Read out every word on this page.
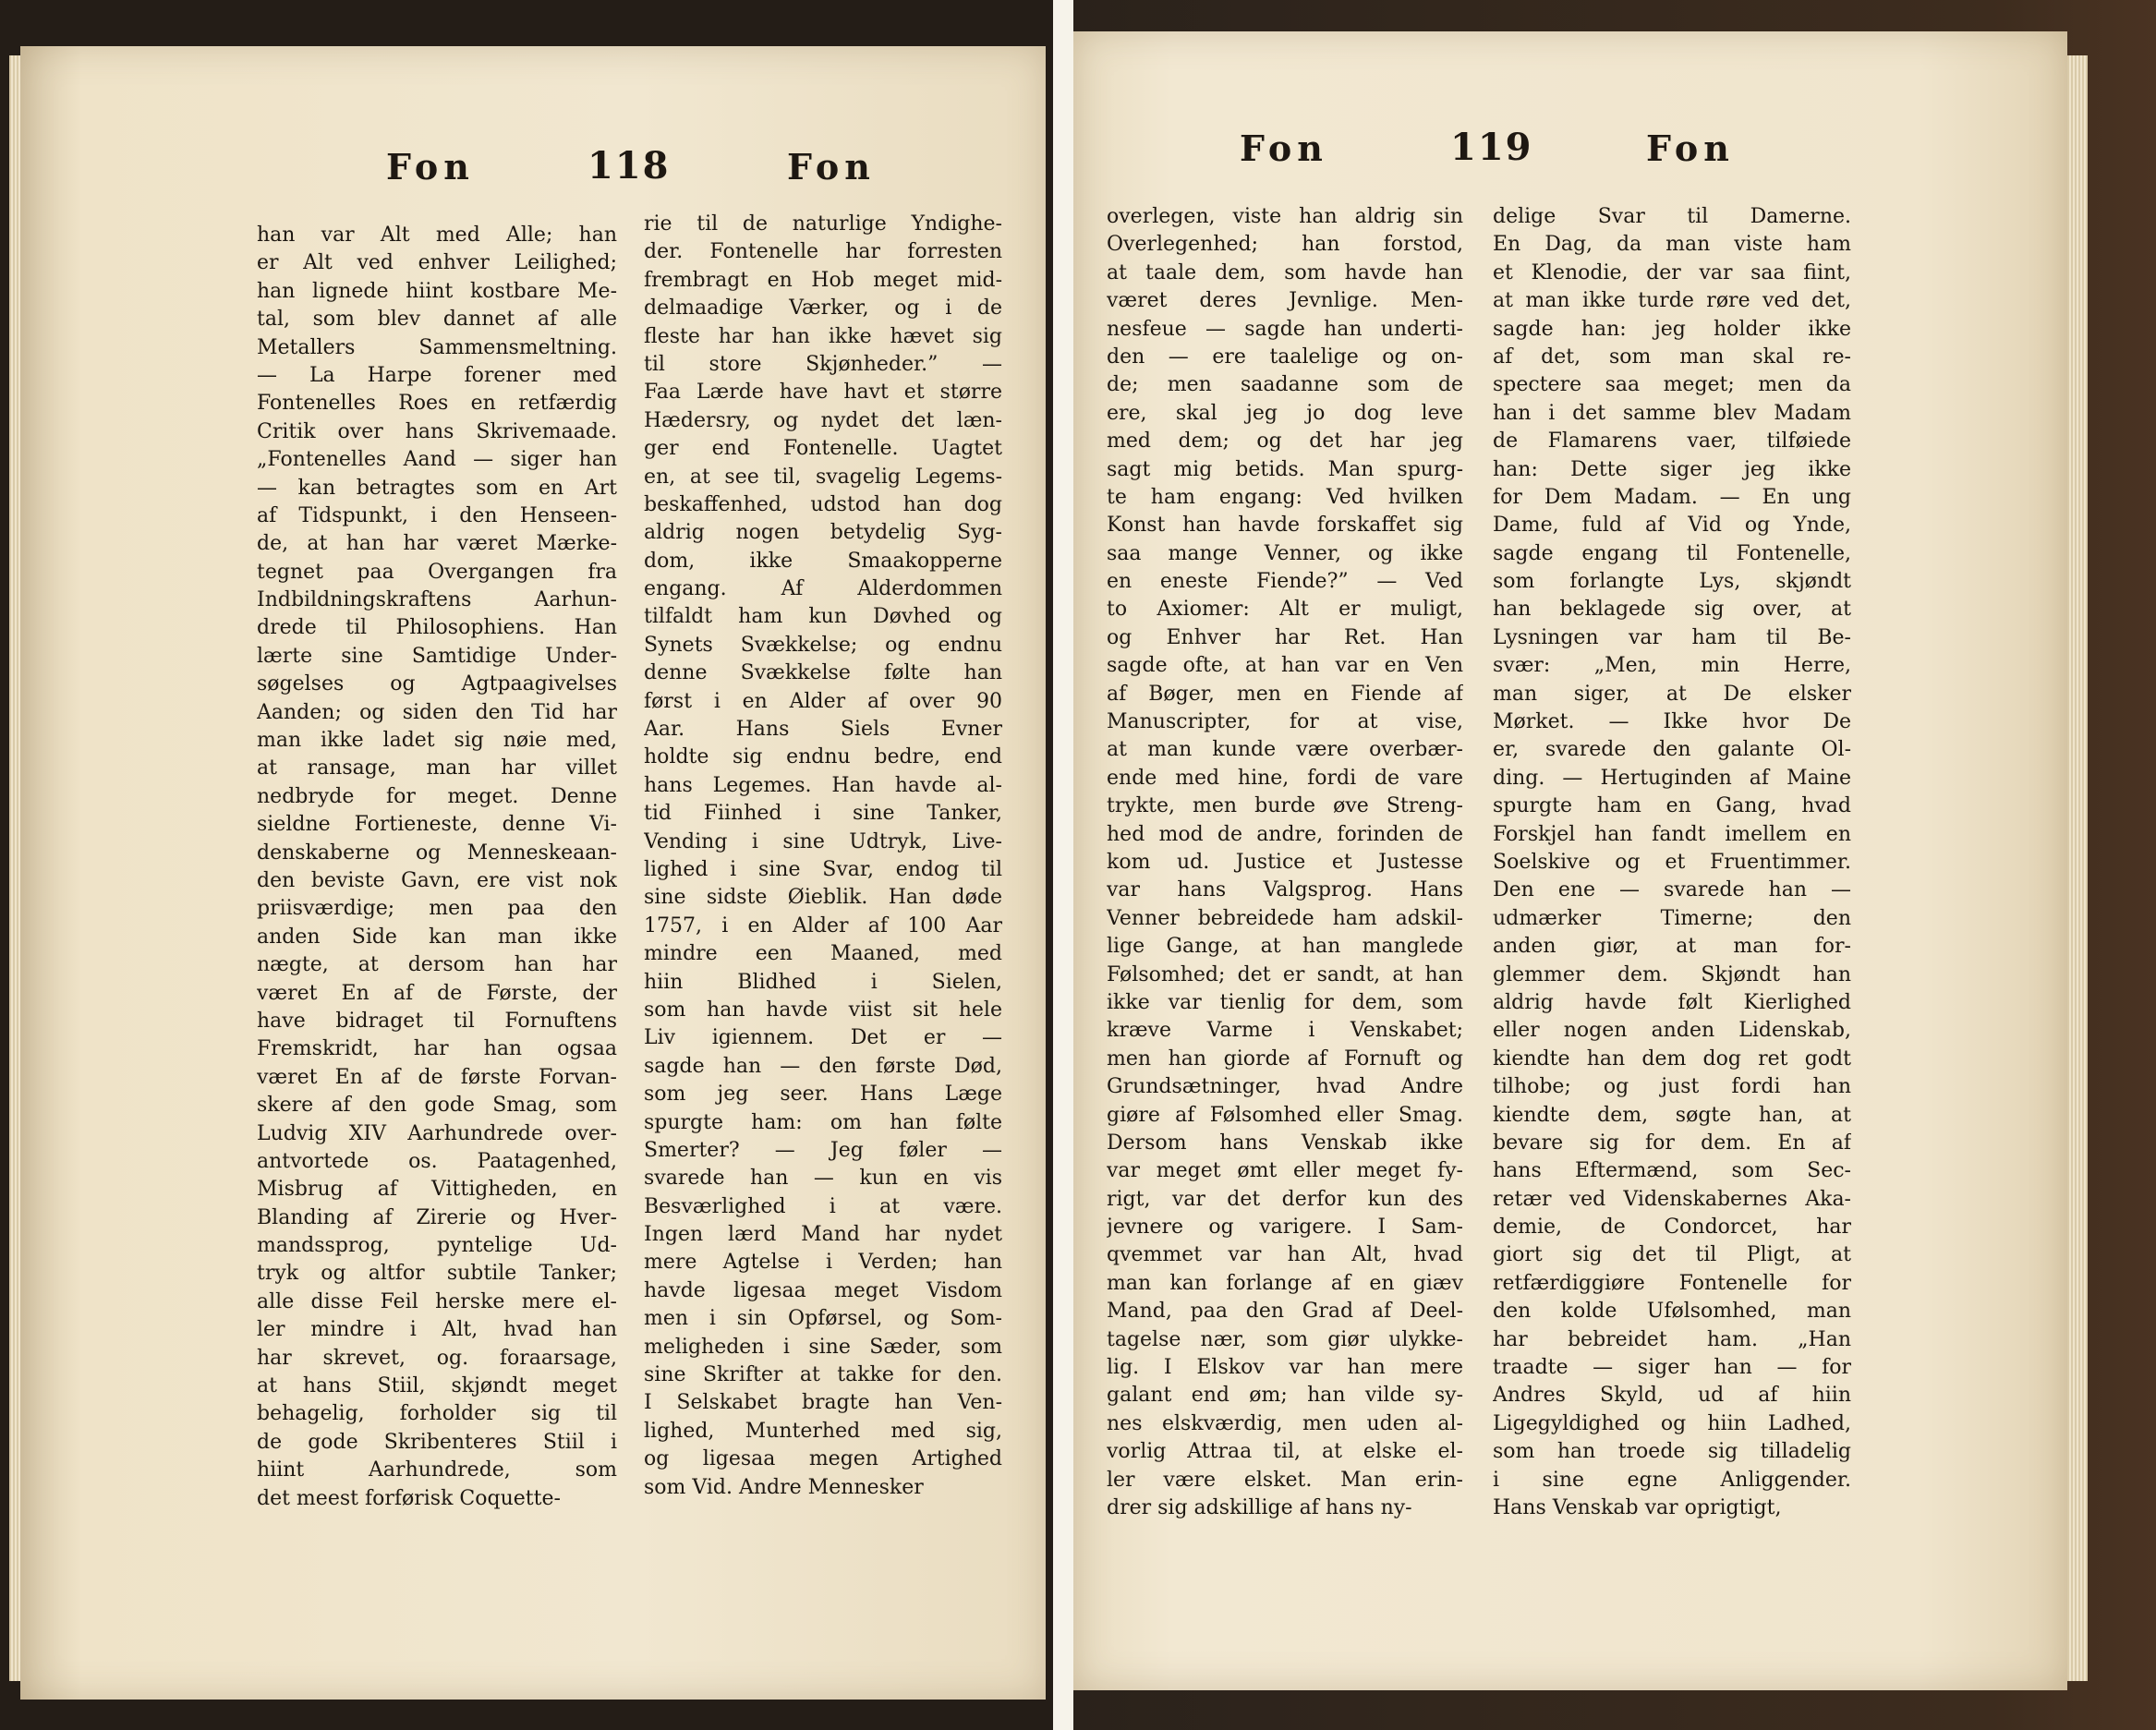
Fon	118	Fon	Fon	119	Fon
han var Alt med Alle; han
er Alt ved enhver Leilighed;
han lignede hiint kostbare Me-
tal, som blev dannet af alle
Metallers Sammensmeltning.
— La Harpe forener med
Fontenelles Roes en retfærdig
Critik over hans Skrivemaade.
„Fontenelles Aand — siger han
— kan betragtes som en Art
af Tidspunkt, i den Henseen-
de, at han har været Mærke-
tegnet paa Overgangen fra
Indbildningskraftens Aarhun-
drede til Philosophiens. Han
lærte sine Samtidige Under-
søgelses og Agtpaagivelses
Aanden; og siden den Tid har
man ikke ladet sig nøie med,
at ransage, man har villet
nedbryde for meget. Denne
sieldne Fortieneste, denne Vi-
denskaberne og Menneskeaan-
den beviste Gavn, ere vist nok
priisværdige; men paa den
anden Side kan man ikke
nægte, at dersom han har
været En af de Første, der
have bidraget til Fornuftens
Fremskridt, har han ogsaa
været En af de første Forvan-
skere af den gode Smag, som
Ludvig XIV Aarhundrede over-
antvortede os. Paatagenhed,
Misbrug af Vittigheden, en
Blanding af Zirerie og Hver-
mandssprog, pyntelige Ud-
tryk og altfor subtile Tanker;
alle disse Feil herske mere el-
ler mindre i Alt, hvad han
har skrevet, og. foraarsage,
at hans Stiil, skjøndt meget
behagelig, forholder sig til
de gode Skribenteres Stiil i
hiint Aarhundrede, som
det meest forførisk Coquette-
rie til de naturlige Yndighe-
der. Fontenelle har forresten
frembragt en Hob meget mid-
delmaadige Værker, og i de
fleste har han ikke hævet sig
til store Skjønheder.” —
Faa Lærde have havt et større
Hædersry, og nydet det læn-
ger end Fontenelle. Uagtet
en, at see til, svagelig Legems-
beskaffenhed, udstod han dog
aldrig nogen betydelig Syg-
dom, ikke Smaakopperne
engang. Af Alderdommen
tilfaldt ham kun Døvhed og
Synets Svækkelse; og endnu
denne Svækkelse følte han
først i en Alder af over 90
Aar. Hans Siels Evner
holdte sig endnu bedre, end
hans Legemes. Han havde al-
tid Fiinhed i sine Tanker,
Vending i sine Udtryk, Live-
lighed i sine Svar, endog til
sine sidste Øieblik. Han døde
1757, i en Alder af 100 Aar
mindre een Maaned, med
hiin Blidhed i Sielen,
som han havde viist sit hele
Liv igiennem. Det er —
sagde han — den første Død,
som jeg seer. Hans Læge
spurgte ham: om han følte
Smerter? — Jeg føler —
svarede han — kun en vis
Besværlighed i at være.
Ingen lærd Mand har nydet
mere Agtelse i Verden; han
havde ligesaa meget Visdom
men i sin Opførsel, og Som-
meligheden i sine Sæder, som
sine Skrifter at takke for den.
I Selskabet bragte han Ven-
lighed, Munterhed med sig,
og ligesaa megen Artighed
som Vid. Andre Mennesker
overlegen, viste han aldrig sin
Overlegenhed; han forstod,
at taale dem, som havde han
været deres Jevnlige. Men-
nesfeue — sagde han underti-
den — ere taalelige og on-
de; men saadanne som de
ere, skal jeg jo dog leve
med dem; og det har jeg
sagt mig betids. Man spurg-
te ham engang: Ved hvilken
Konst han havde forskaffet sig
saa mange Venner, og ikke
en eneste Fiende?” — Ved
to Axiomer: Alt er muligt,
og Enhver har Ret. Han
sagde ofte, at han var en Ven
af Bøger, men en Fiende af
Manuscripter, for at vise,
at man kunde være overbær-
ende med hine, fordi de vare
trykte, men burde øve Streng-
hed mod de andre, forinden de
kom ud. Justice et Justesse
var hans Valgsprog. Hans
Venner bebreidede ham adskil-
lige Gange, at han manglede
Følsomhed; det er sandt, at han
ikke var tienlig for dem, som
kræve Varme i Venskabet;
men han giorde af Fornuft og
Grundsætninger, hvad Andre
giøre af Følsomhed eller Smag.
Dersom hans Venskab ikke
var meget ømt eller meget fy-
rigt, var det derfor kun des
jevnere og varigere. I Sam-
qvemmet var han Alt, hvad
man kan forlange af en giæv
Mand, paa den Grad af Deel-
tagelse nær, som giør ulykke-
lig. I Elskov var han mere
galant end øm; han vilde sy-
nes elskværdig, men uden al-
vorlig Attraa til, at elske el-
ler være elsket. Man erin-
drer sig adskillige af hans ny-
delige Svar til Damerne.
En Dag, da man viste ham
et Klenodie, der var saa fiint,
at man ikke turde røre ved det,
sagde han: jeg holder ikke
af det, som man skal re-
spectere saa meget; men da
han i det samme blev Madam
de Flamarens vaer, tilføiede
han: Dette siger jeg ikke
for Dem Madam. — En ung
Dame, fuld af Vid og Ynde,
sagde engang til Fontenelle,
som forlangte Lys, skjøndt
han beklagede sig over, at
Lysningen var ham til Be-
svær: „Men, min Herre,
man siger, at De elsker
Mørket. — Ikke hvor De
er, svarede den galante Ol-
ding. — Hertuginden af Maine
spurgte ham en Gang, hvad
Forskjel han fandt imellem en
Soelskive og et Fruentimmer.
Den ene — svarede han —
udmærker Timerne; den
anden giør, at man for-
glemmer dem. Skjøndt han
aldrig havde følt Kierlighed
eller nogen anden Lidenskab,
kiendte han dem dog ret godt
tilhobe; og just fordi han
kiendte dem, søgte han, at
bevare sig for dem. En af
hans Eftermænd, som Sec-
retær ved Videnskabernes Aka-
demie, de Condorcet, har
giort sig det til Pligt, at
retfærdiggiøre Fontenelle for
den kolde Ufølsomhed, man
har bebreidet ham. „Han
traadte — siger han — for
Andres Skyld, ud af hiin
Ligegyldighed og hiin Ladhed,
som han troede sig tilladelig
i sine egne Anliggender.
Hans Venskab var oprigtigt,
